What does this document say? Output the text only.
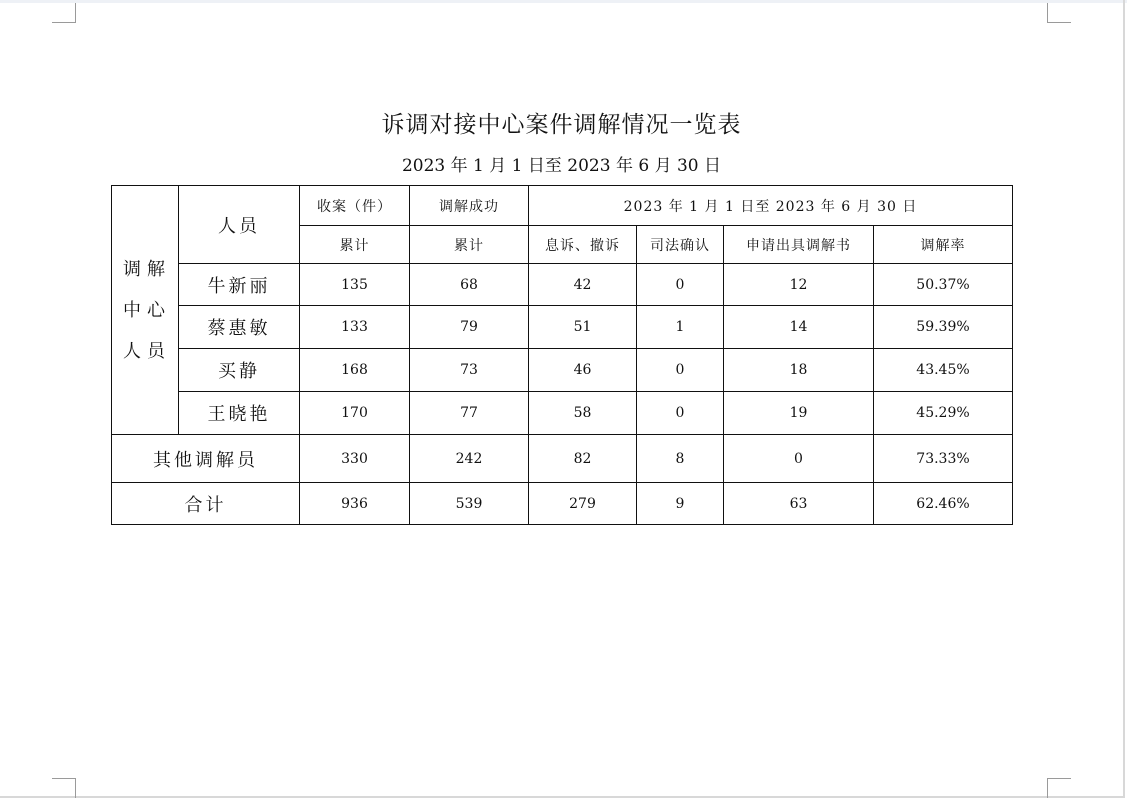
诉调对接中心案件调解情况一览表
2023 年 1 月 1 日至 2023 年 6 月 30 日
调解
中心
人员	人员	收案（件）	调解成功	2023 年 1 月 1 日至 2023 年 6 月 30 日			
		累计	累计	息诉、撤诉	司法确认	申请出具调解书	调解率
	牛新丽	135	68	42	0	12	50.37%
	蔡惠敏	133	79	51	1	14	59.39%
	买静	168	73	46	0	18	43.45%
	王晓艳	170	77	58	0	19	45.29%
其他调解员		330	242	82	8	0	73.33%
合计		936	539	279	9	63	62.46%
